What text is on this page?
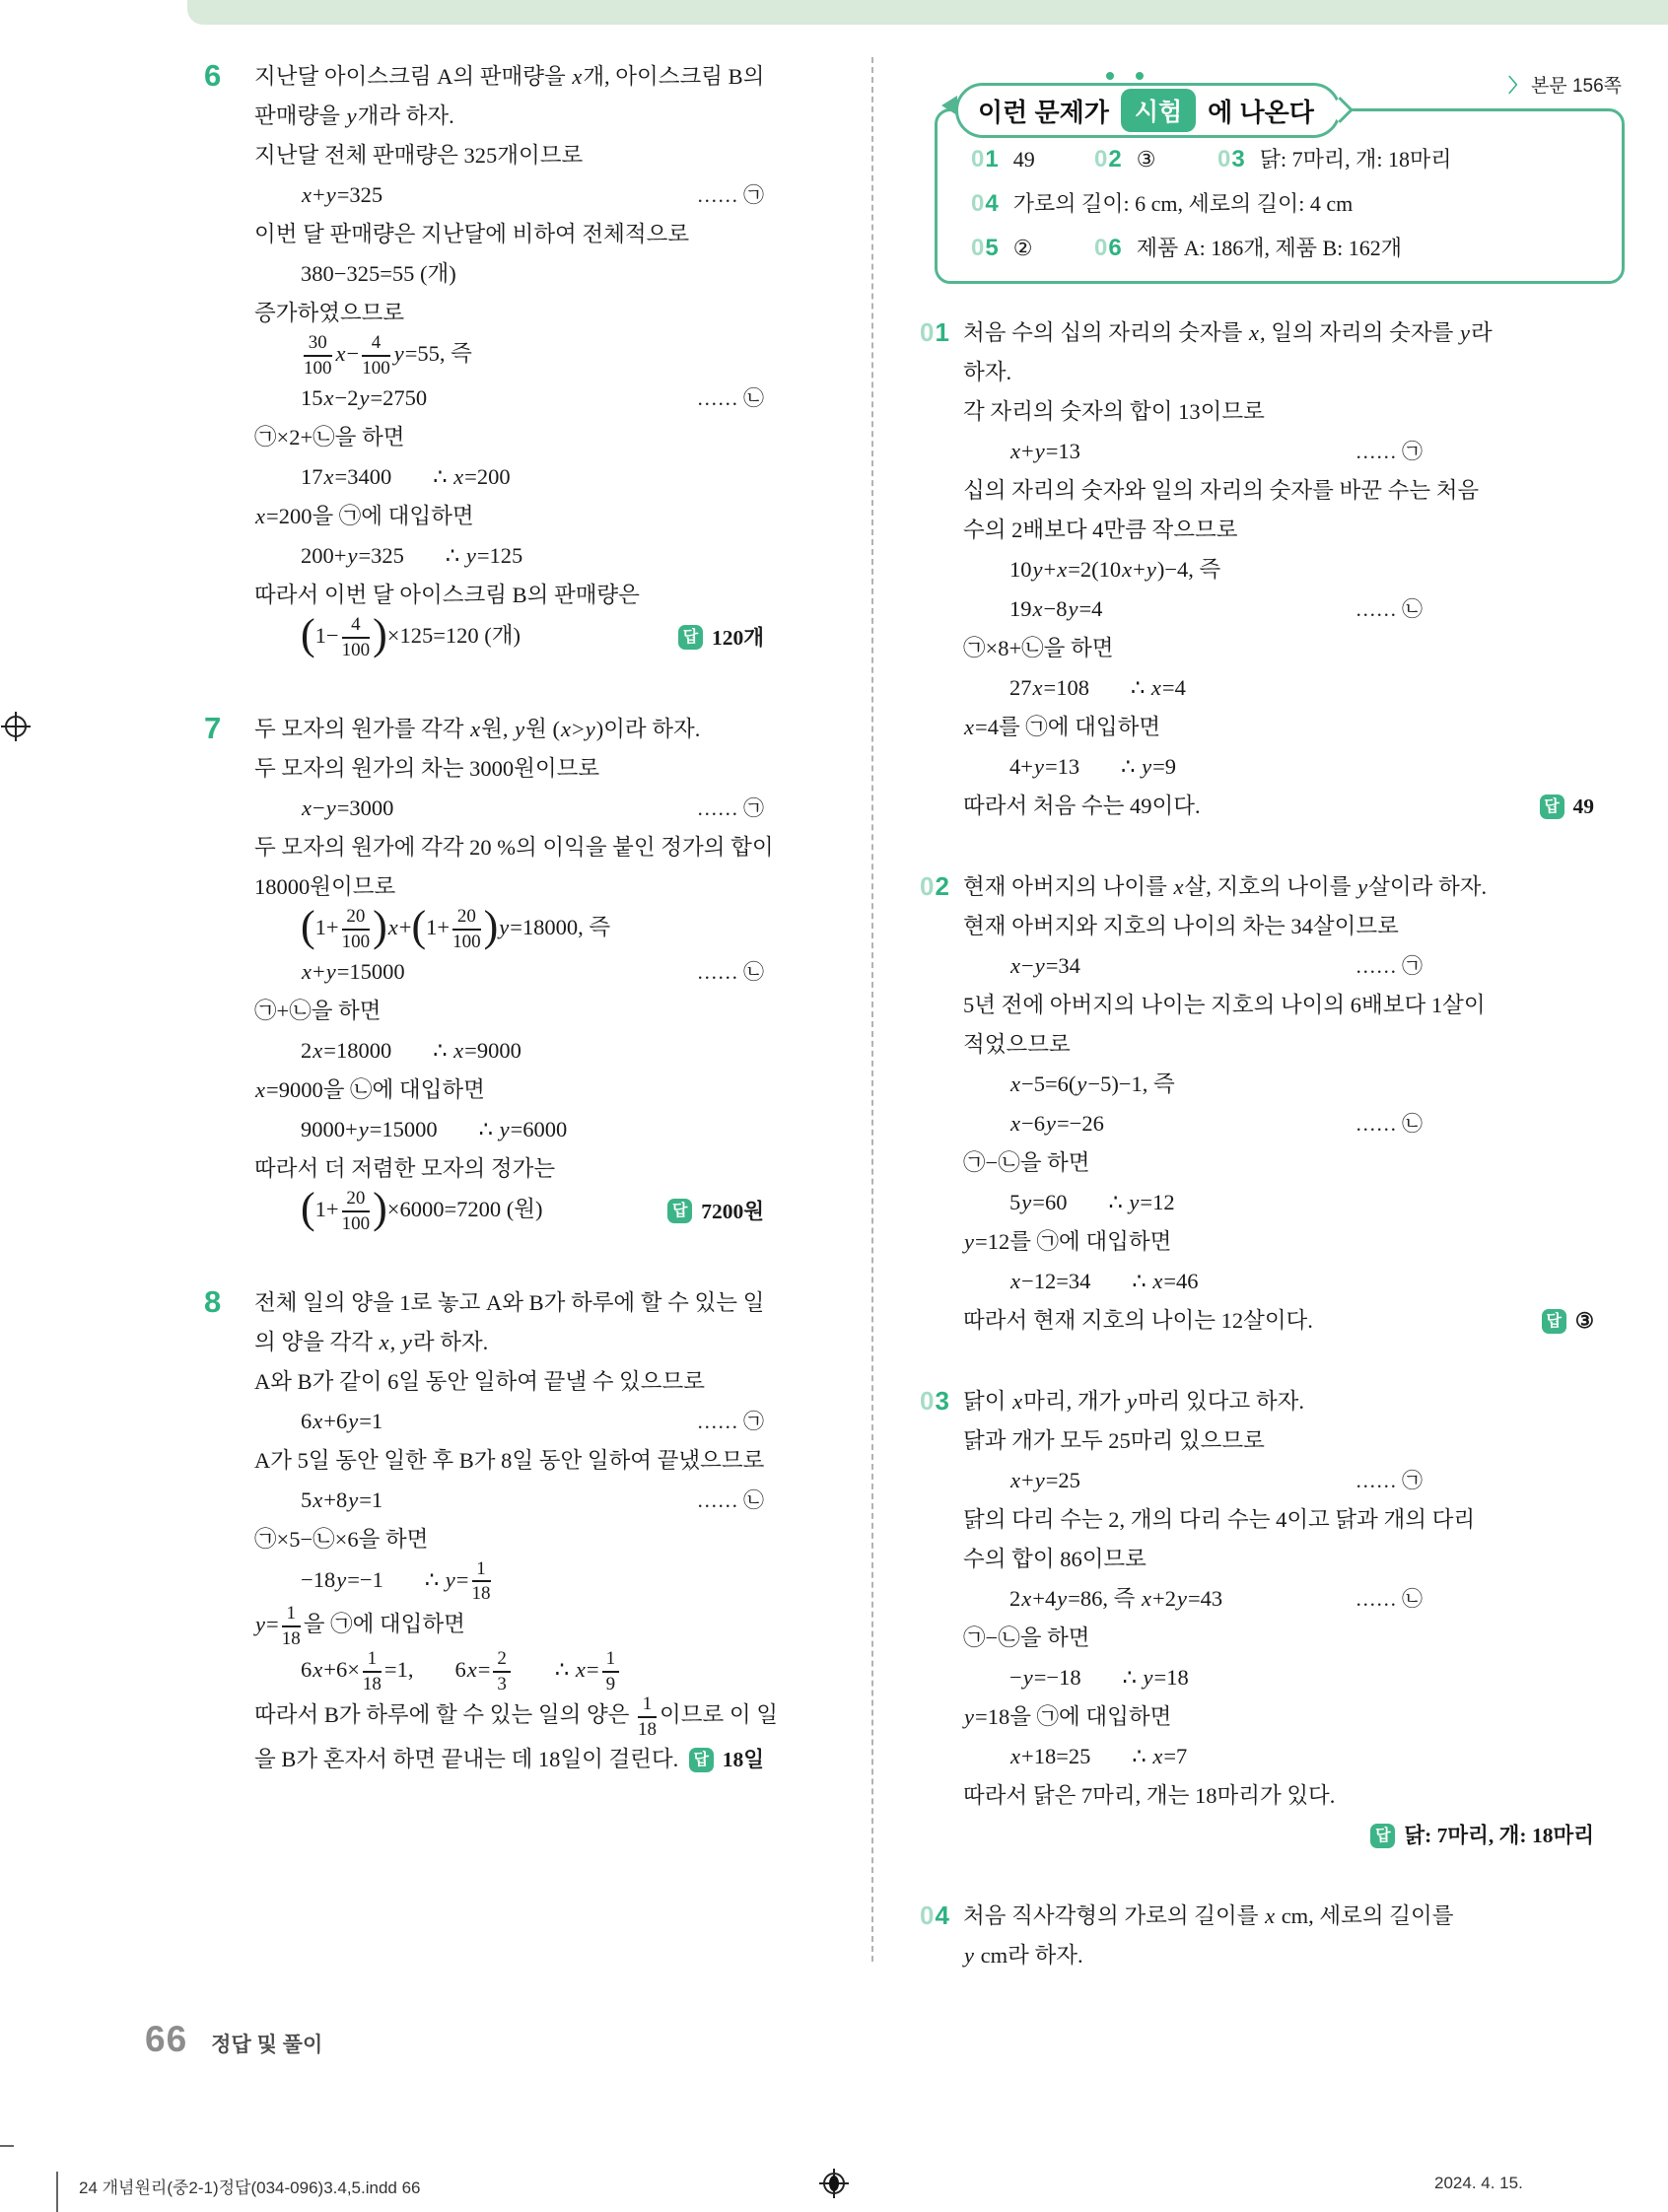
6	지난달 아이스크림 A의 판매량을 x개, 아이스크림 B의
판매량을 y개라 하자.
지난달 전체 판매량은 325개이므로
x+y=325	…… ㉠
이번 달 판매량은 지난달에 비하여 전체적으로
380−325=55 (개)
증가하였으므로
$\frac{30}{100} x- \frac{4}{100} y=55$, 즉
15x−2y=2750	…… ㉡
㉠×2+㉡을 하면
17x=3400 ∴ x=200
x=200을 ㉠에 대입하면
200+y=325 ∴ y=125
따라서 이번 달 아이스크림 B의 판매량은
$(1- \frac{4}{100} )\times 125=120$ (개)	답 120개
7	두 모자의 원가를 각각 x원, y원 (x>y)이라 하자.
두 모자의 원가의 차는 3000원이므로
x−y=3000	…… ㉠
두 모자의 원가에 각각 20 %의 이익을 붙인 정가의 합이
18000원이므로
$(1+ \frac{20}{100} )x+(1+ \frac{20}{100} )y=18000$, 즉
x+y=15000	…… ㉡
㉠+㉡을 하면
2x=18000 ∴ x=9000
x=9000을 ㉡에 대입하면
9000+y=15000 ∴ y=6000
따라서 더 저렴한 모자의 정가는
$(1+ \frac{20}{100} )\times 6000=7200$ (원)	답 7200원
8	전체 일의 양을 1로 놓고 A와 B가 하루에 할 수 있는 일
의 양을 각각 x, y라 하자.
A와 B가 같이 6일 동안 일하여 끝낼 수 있으므로
6x+6y=1	…… ㉠
A가 5일 동안 일한 후 B가 8일 동안 일하여 끝냈으므로
5x+8y=1	…… ㉡
㉠×5−㉡×6을 하면
−18y=−1 ∴ $y= \frac{1}{18}$
$y= \frac{1}{18}$ 을 ㉠에 대입하면
$6x+6\times \frac{1}{18} =1$, $6x= \frac{2}{3}$ ∴ $x= \frac{1}{9}$
따라서 B가 하루에 할 수 있는 일의 양은 $\frac{1}{18}$ 이므로 이 일
을 B가 혼자서 하면 끝내는 데 18일이 걸린다. 답 18일
이런 문제가	시험	에 나온다
01 49	02 ③	03 닭: 7마리, 개: 18마리
04 가로의 길이: 6 cm, 세로의 길이: 4 cm
05 ②	06 제품 A: 186개, 제품 B: 162개
〉 본문 156쪽
01 처음 수의 십의 자리의 숫자를 x, 일의 자리의 숫자를 y라
하자.
각 자리의 숫자의 합이 13이므로
x+y=13	…… ㉠
십의 자리의 숫자와 일의 자리의 숫자를 바꾼 수는 처음
수의 2배보다 4만큼 작으므로
10y+x=2(10x+y)−4, 즉
19x−8y=4	…… ㉡
㉠×8+㉡을 하면
27x=108 ∴ x=4
x=4를 ㉠에 대입하면
4+y=13 ∴ y=9
따라서 처음 수는 49이다.	답 49
02 현재 아버지의 나이를 x살, 지호의 나이를 y살이라 하자.
현재 아버지와 지호의 나이의 차는 34살이므로
x−y=34	…… ㉠
5년 전에 아버지의 나이는 지호의 나이의 6배보다 1살이
적었으므로
x−5=6(y−5)−1, 즉
x−6y=−26	…… ㉡
㉠−㉡을 하면
5y=60 ∴ y=12
y=12를 ㉠에 대입하면
x−12=34 ∴ x=46
따라서 현재 지호의 나이는 12살이다.	답 ③
03 닭이 x마리, 개가 y마리 있다고 하자.
닭과 개가 모두 25마리 있으므로
x+y=25	…… ㉠
닭의 다리 수는 2, 개의 다리 수는 4이고 닭과 개의 다리
수의 합이 86이므로
2x+4y=86, 즉 x+2y=43	…… ㉡
㉠−㉡을 하면
−y=−18 ∴ y=18
y=18을 ㉠에 대입하면
x+18=25 ∴ x=7
따라서 닭은 7마리, 개는 18마리가 있다.
답 닭: 7마리, 개: 18마리
04 처음 직사각형의 가로의 길이를 x cm, 세로의 길이를
y cm라 하자.
66 정답 및 풀이
24 개념원리(중2-1)정답(034-096)3.4,5.indd 66	2024. 4. 15.
